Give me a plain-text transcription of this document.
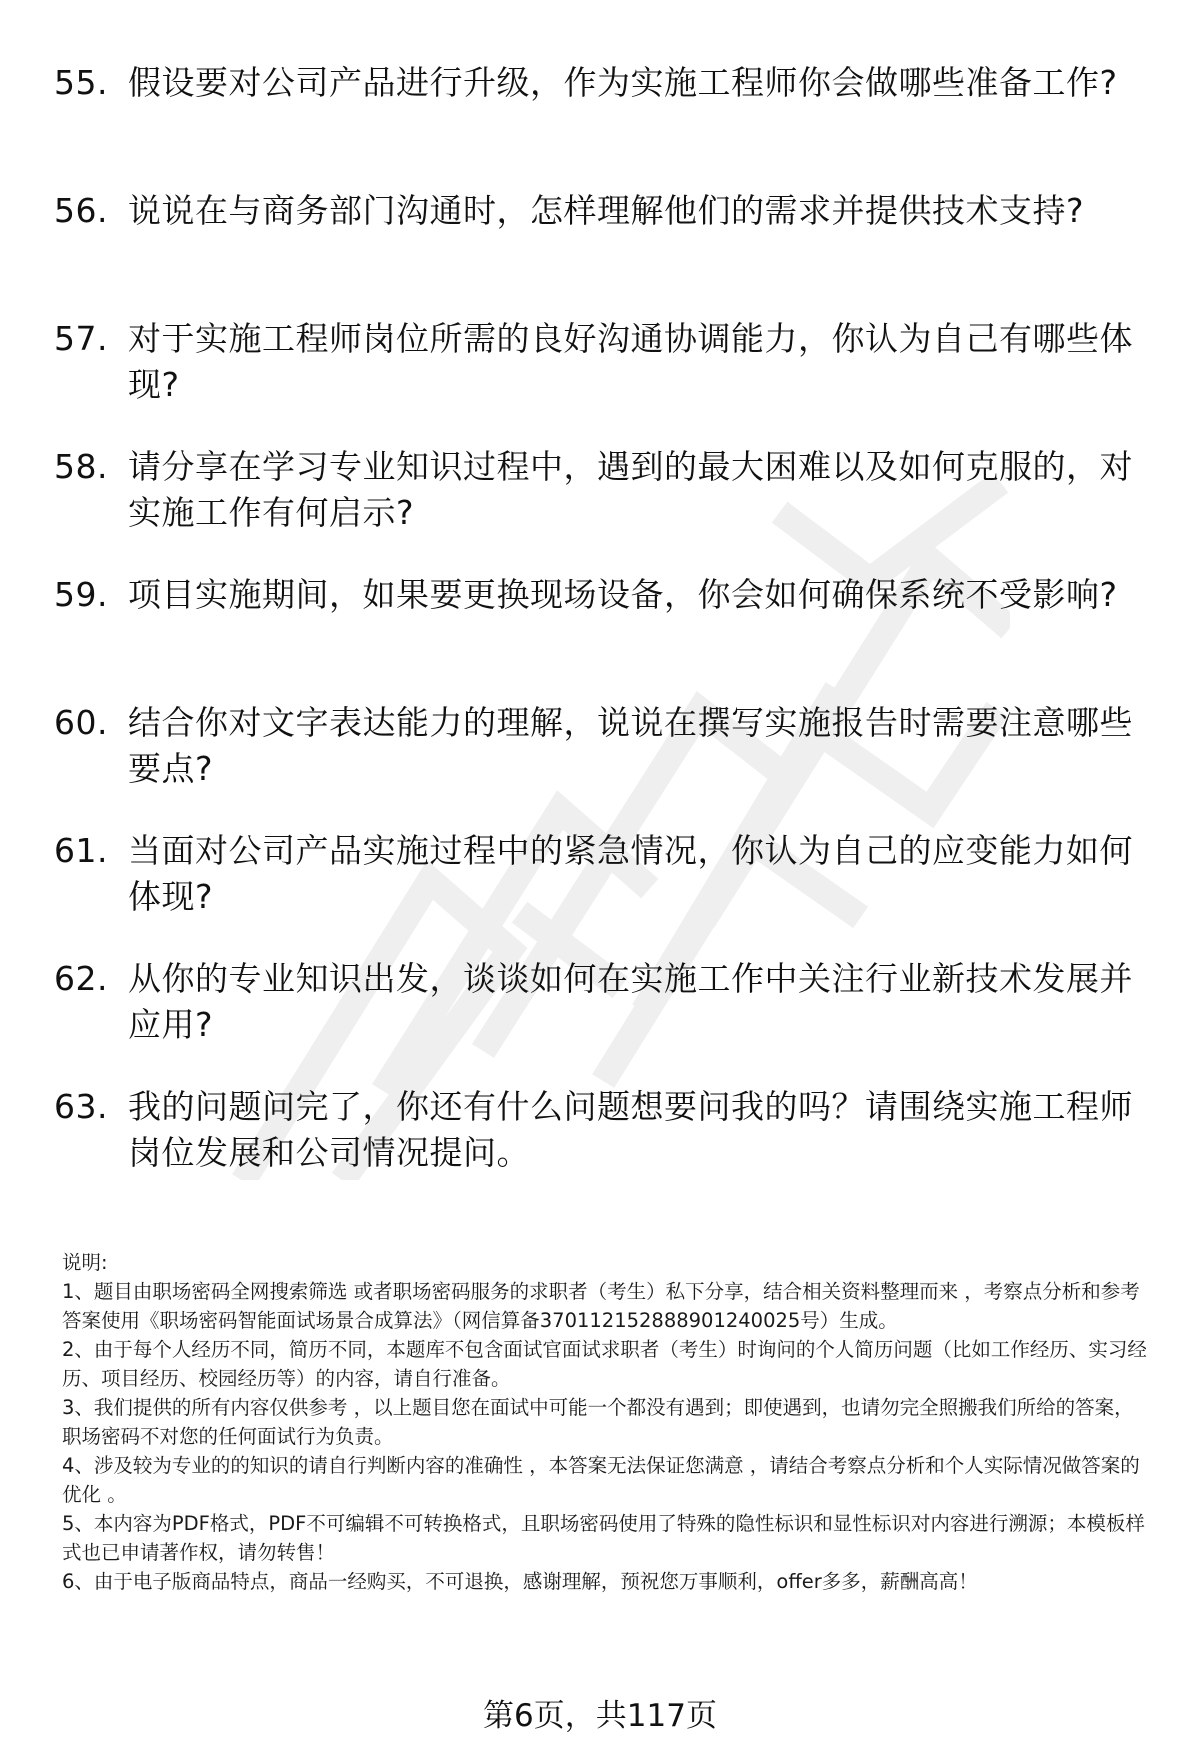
55. 假设要对公司产品进行升级，作为实施工程师你会做哪些准备工作?
56. 说说在与商务部门沟通时，怎样理解他们的需求并提供技术支持?
57. 对于实施工程师岗位所需的良好沟通协调能力，你认为自己有哪些体现?
58. 请分享在学习专业知识过程中，遇到的最大困难以及如何克服的，对实施工作有何启示?
59. 项目实施期间，如果要更换现场设备，你会如何确保系统不受影响?
60. 结合你对文字表达能力的理解，说说在撰写实施报告时需要注意哪些要点?
61. 当面对公司产品实施过程中的紧急情况，你认为自己的应变能力如何体现?
62. 从你的专业知识出发，谈谈如何在实施工作中关注行业新技术发展并应用?
63. 我的问题问完了，你还有什么问题想要问我的吗？请围绕实施工程师岗位发展和公司情况提问。

说明:

1、题目由职场密码全网搜索筛选 或者职场密码服务的求职者（考生）私下分享，结合相关资料整理而来 ，考察点分析和参考答案使用《职场密码智能面试场景合成算法》（网信算备370112152888901240025号）生成。

2、由于每个人经历不同，简历不同，本题库不包含面试官面试求职者（考生）时询问的个人简历问题（比如工作经历、实习经历、项目经历、校园经历等）的内容，请自行准备。

3、我们提供的所有内容仅供参考 ，以上题目您在面试中可能一个都没有遇到；即使遇到，也请勿完全照搬我们所给的答案，职场密码不对您的任何面试行为负责。

4、涉及较为专业的的知识的请自行判断内容的准确性 ，本答案无法保证您满意 ，请结合考察点分析和个人实际情况做答案的优化 。

5、本内容为PDF格式，PDF不可编辑不可转换格式，且职场密码使用了特殊的隐性标识和显性标识对内容进行溯源；本模板样式也已申请著作权，请勿转售！

6、由于电子版商品特点，商品一经购买，不可退换，感谢理解，预祝您万事顺利，offer多多，薪酬高高！

第6页，共117页
